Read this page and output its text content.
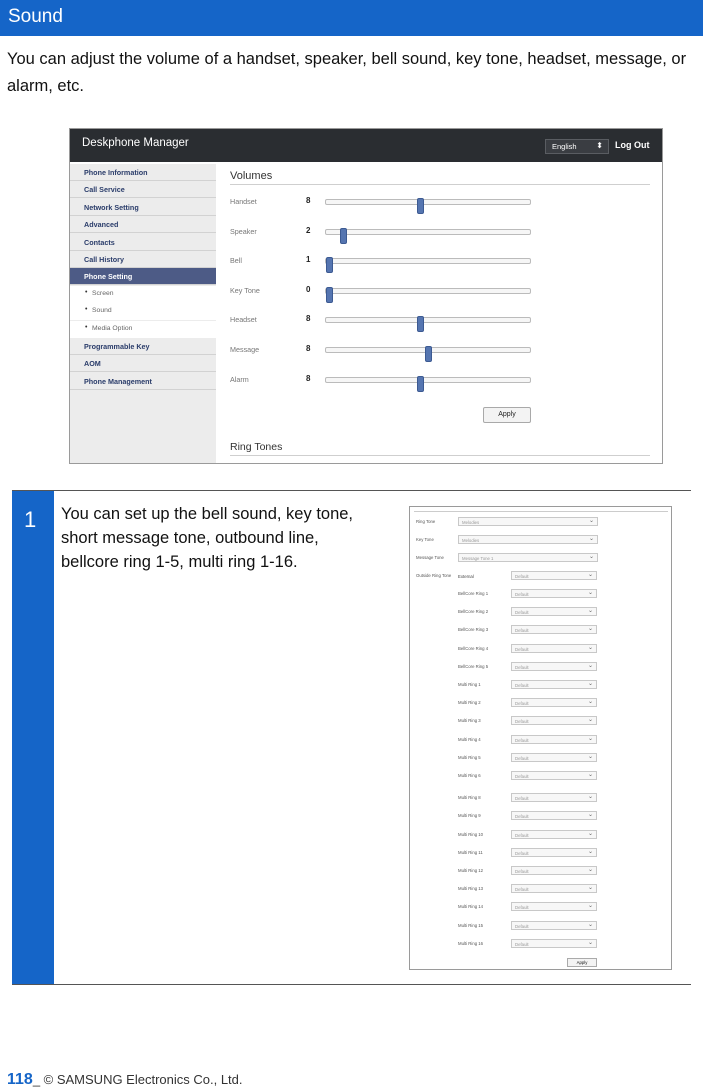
Sound

You can adjust the volume of a handset, speaker, bell sound, key tone, headset, message, or alarm, etc.

Deskphone Manager	English ⬍ Log Out
Phone Information
Call Service
Network Setting
Advanced
Contacts
Call History
Phone Setting
• Screen
• Sound
• Media Option
Programmable Key
AOM
Phone Management
Volumes
Handset	8
Speaker	2
Bell	1
Key Tone	0
Headset	8
Message	8
Alarm	8
Apply
Ring Tones
1 You can set up the bell sound, key tone, short message tone, outbound line, bellcore ring 1-5, multi ring 1-16.

Apply
Ring Tone	Melodies	⌄
Key Tone	Melodies	⌄
Message Tone	Message Tone 1	⌄
Outside Ring Tone External	Default	⌄
BellCore Ring 1	Default	⌄
BellCore Ring 2	Default	⌄
BellCore Ring 3	Default	⌄
BellCore Ring 4	Default	⌄
BellCore Ring 5	Default	⌄
Multi Ring 1	Default	⌄
Multi Ring 2	Default	⌄
Multi Ring 3	Default	⌄
Multi Ring 4	Default	⌄
Multi Ring 5	Default	⌄
Multi Ring 6	Default	⌄
Multi Ring 8	Default	⌄
Multi Ring 9	Default	⌄
Multi Ring 10	Default	⌄
Multi Ring 11	Default	⌄
Multi Ring 12	Default	⌄
Multi Ring 13	Default	⌄
Multi Ring 14	Default	⌄
Multi Ring 15	Default	⌄
Multi Ring 16	Default	⌄
118_ © SAMSUNG Electronics Co., Ltd.
